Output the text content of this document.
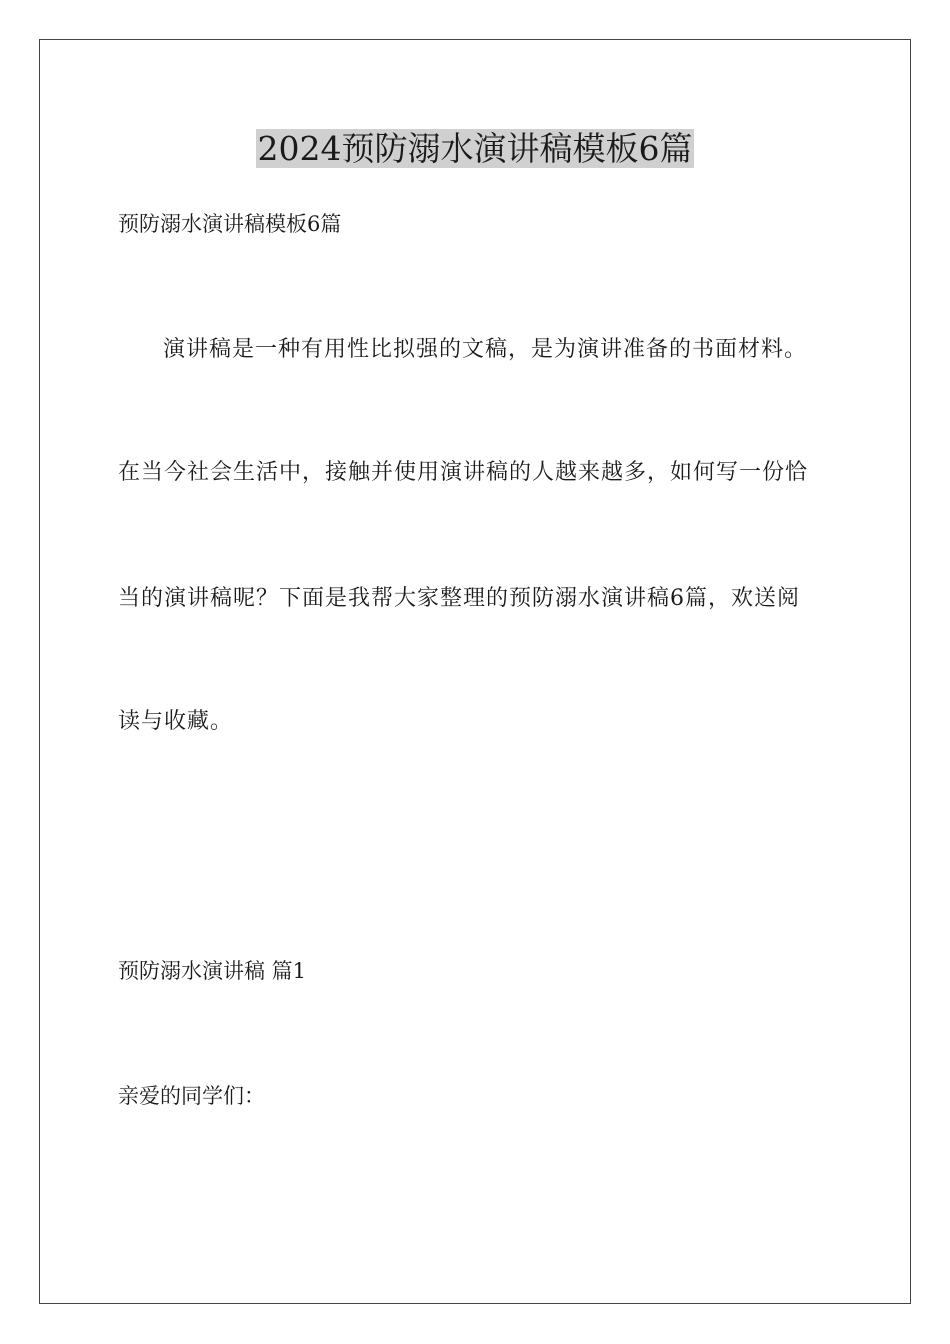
2024预防溺水演讲稿模板6篇

预防溺水演讲稿模板6篇

演讲稿是一种有用性比拟强的文稿，是为演讲准备的书面材料。

在当今社会生活中，接触并使用演讲稿的人越来越多，如何写一份恰

当的演讲稿呢？下面是我帮大家整理的预防溺水演讲稿6篇，欢送阅

读与收藏。

预防溺水演讲稿 篇1

亲爱的同学们：
